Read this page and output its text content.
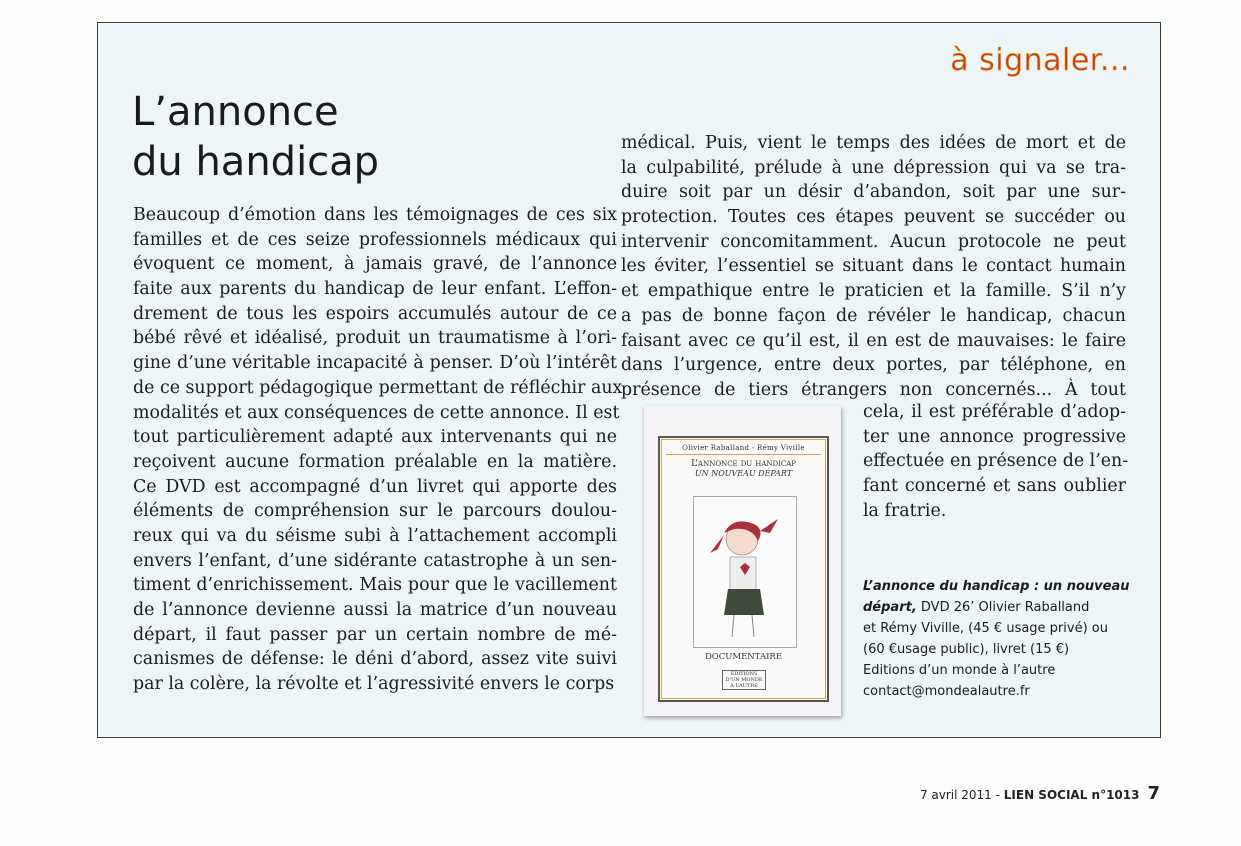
à signaler...
L’annonce
du handicap
Beaucoup d’émotion dans les témoignages de ces six
familles et de ces seize professionnels médicaux qui
évoquent ce moment, à jamais gravé, de l’annonce
faite aux parents du handicap de leur enfant. L’effon-
drement de tous les espoirs accumulés autour de ce
bébé rêvé et idéalisé, produit un traumatisme à l’ori-
gine d’une véritable incapacité à penser. D’où l’intérêt
de ce support pédagogique permettant de réfléchir aux
modalités et aux conséquences de cette annonce. Il est
tout particulièrement adapté aux intervenants qui ne
reçoivent aucune formation préalable en la matière.
Ce DVD est accompagné d’un livret qui apporte des
éléments de compréhension sur le parcours doulou-
reux qui va du séisme subi à l’attachement accompli
envers l’enfant, d’une sidérante catastrophe à un sen-
timent d’enrichissement. Mais pour que le vacillement
de l’annonce devienne aussi la matrice d’un nouveau
départ, il faut passer par un certain nombre de mé-
canismes de défense: le déni d’abord, assez vite suivi
par la colère, la révolte et l’agressivité envers le corps
médical. Puis, vient le temps des idées de mort et de
la culpabilité, prélude à une dépression qui va se tra-
duire soit par un désir d’abandon, soit par une sur-
protection. Toutes ces étapes peuvent se succéder ou
intervenir concomitamment. Aucun protocole ne peut
les éviter, l’essentiel se situant dans le contact humain
et empathique entre le praticien et la famille. S’il n’y
a pas de bonne façon de révéler le handicap, chacun
faisant avec ce qu’il est, il en est de mauvaises: le faire
dans l’urgence, entre deux portes, par téléphone, en
présence de tiers étrangers non concernés... À tout
cela, il est préférable d’adop-
ter une annonce progressive
effectuée en présence de l’en-
fant concerné et sans oublier
la fratrie.
Olivier Raballand - Rémy Viville
L’annonce du handicap
UN NOUVEAU DÉPART
DOCUMENTAIRE
EDITIONS D’UN MONDE À L’AUTRE
L’annonce du handicap : un nouveau
départ, DVD 26’ Olivier Raballand
et Rémy Viville, (45 € usage privé) ou
(60 €usage public), livret (15 €)
Editions d’un monde à l’autre
contact@mondealautre.fr
7 avril 2011 - LIEN SOCIAL n°1013 7
